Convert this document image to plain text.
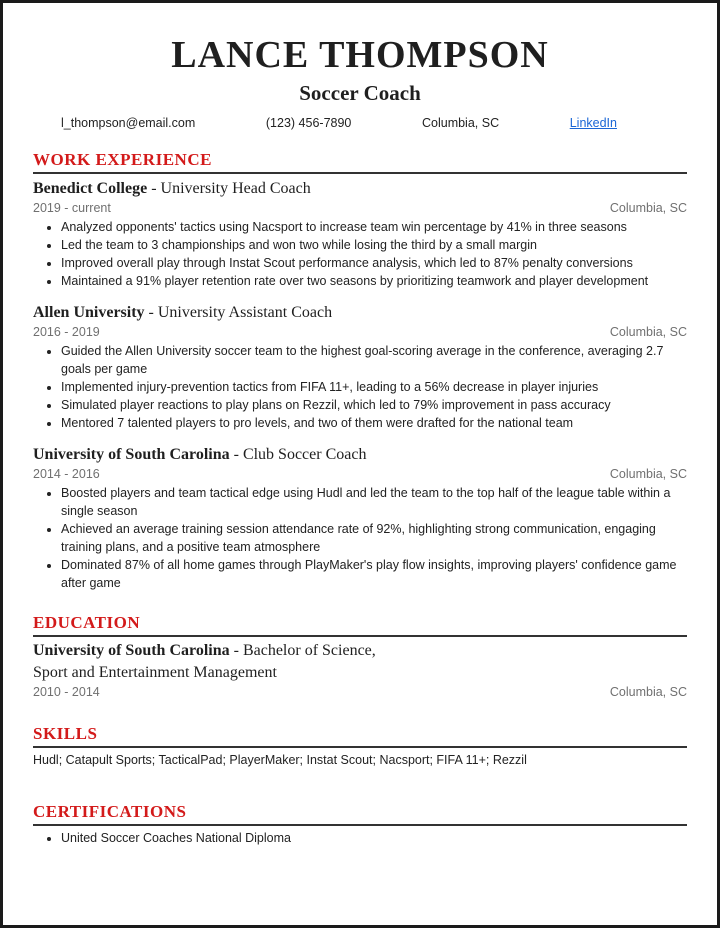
LANCE THOMPSON
Soccer Coach
l_thompson@email.com	(123) 456-7890	Columbia, SC	LinkedIn
WORK EXPERIENCE
Benedict College - University Head Coach
2019 - current	Columbia, SC
• Analyzed opponents' tactics using Nacsport to increase team win percentage by 41% in three seasons
• Led the team to 3 championships and won two while losing the third by a small margin
• Improved overall play through Instat Scout performance analysis, which led to 87% penalty conversions
• Maintained a 91% player retention rate over two seasons by prioritizing teamwork and player development
Allen University - University Assistant Coach
2016 - 2019	Columbia, SC
• Guided the Allen University soccer team to the highest goal-scoring average in the conference, averaging 2.7 goals per game
• Implemented injury-prevention tactics from FIFA 11+, leading to a 56% decrease in player injuries
• Simulated player reactions to play plans on Rezzil, which led to 79% improvement in pass accuracy
• Mentored 7 talented players to pro levels, and two of them were drafted for the national team
University of South Carolina - Club Soccer Coach
2014 - 2016	Columbia, SC
• Boosted players and team tactical edge using Hudl and led the team to the top half of the league table within a single season
• Achieved an average training session attendance rate of 92%, highlighting strong communication, engaging training plans, and a positive team atmosphere
• Dominated 87% of all home games through PlayMaker's play flow insights, improving players' confidence game after game
EDUCATION
University of South Carolina - Bachelor of Science,
Sport and Entertainment Management
2010 - 2014	Columbia, SC
SKILLS
Hudl; Catapult Sports; TacticalPad; PlayerMaker; Instat Scout; Nacsport; FIFA 11+; Rezzil
CERTIFICATIONS
• United Soccer Coaches National Diploma
